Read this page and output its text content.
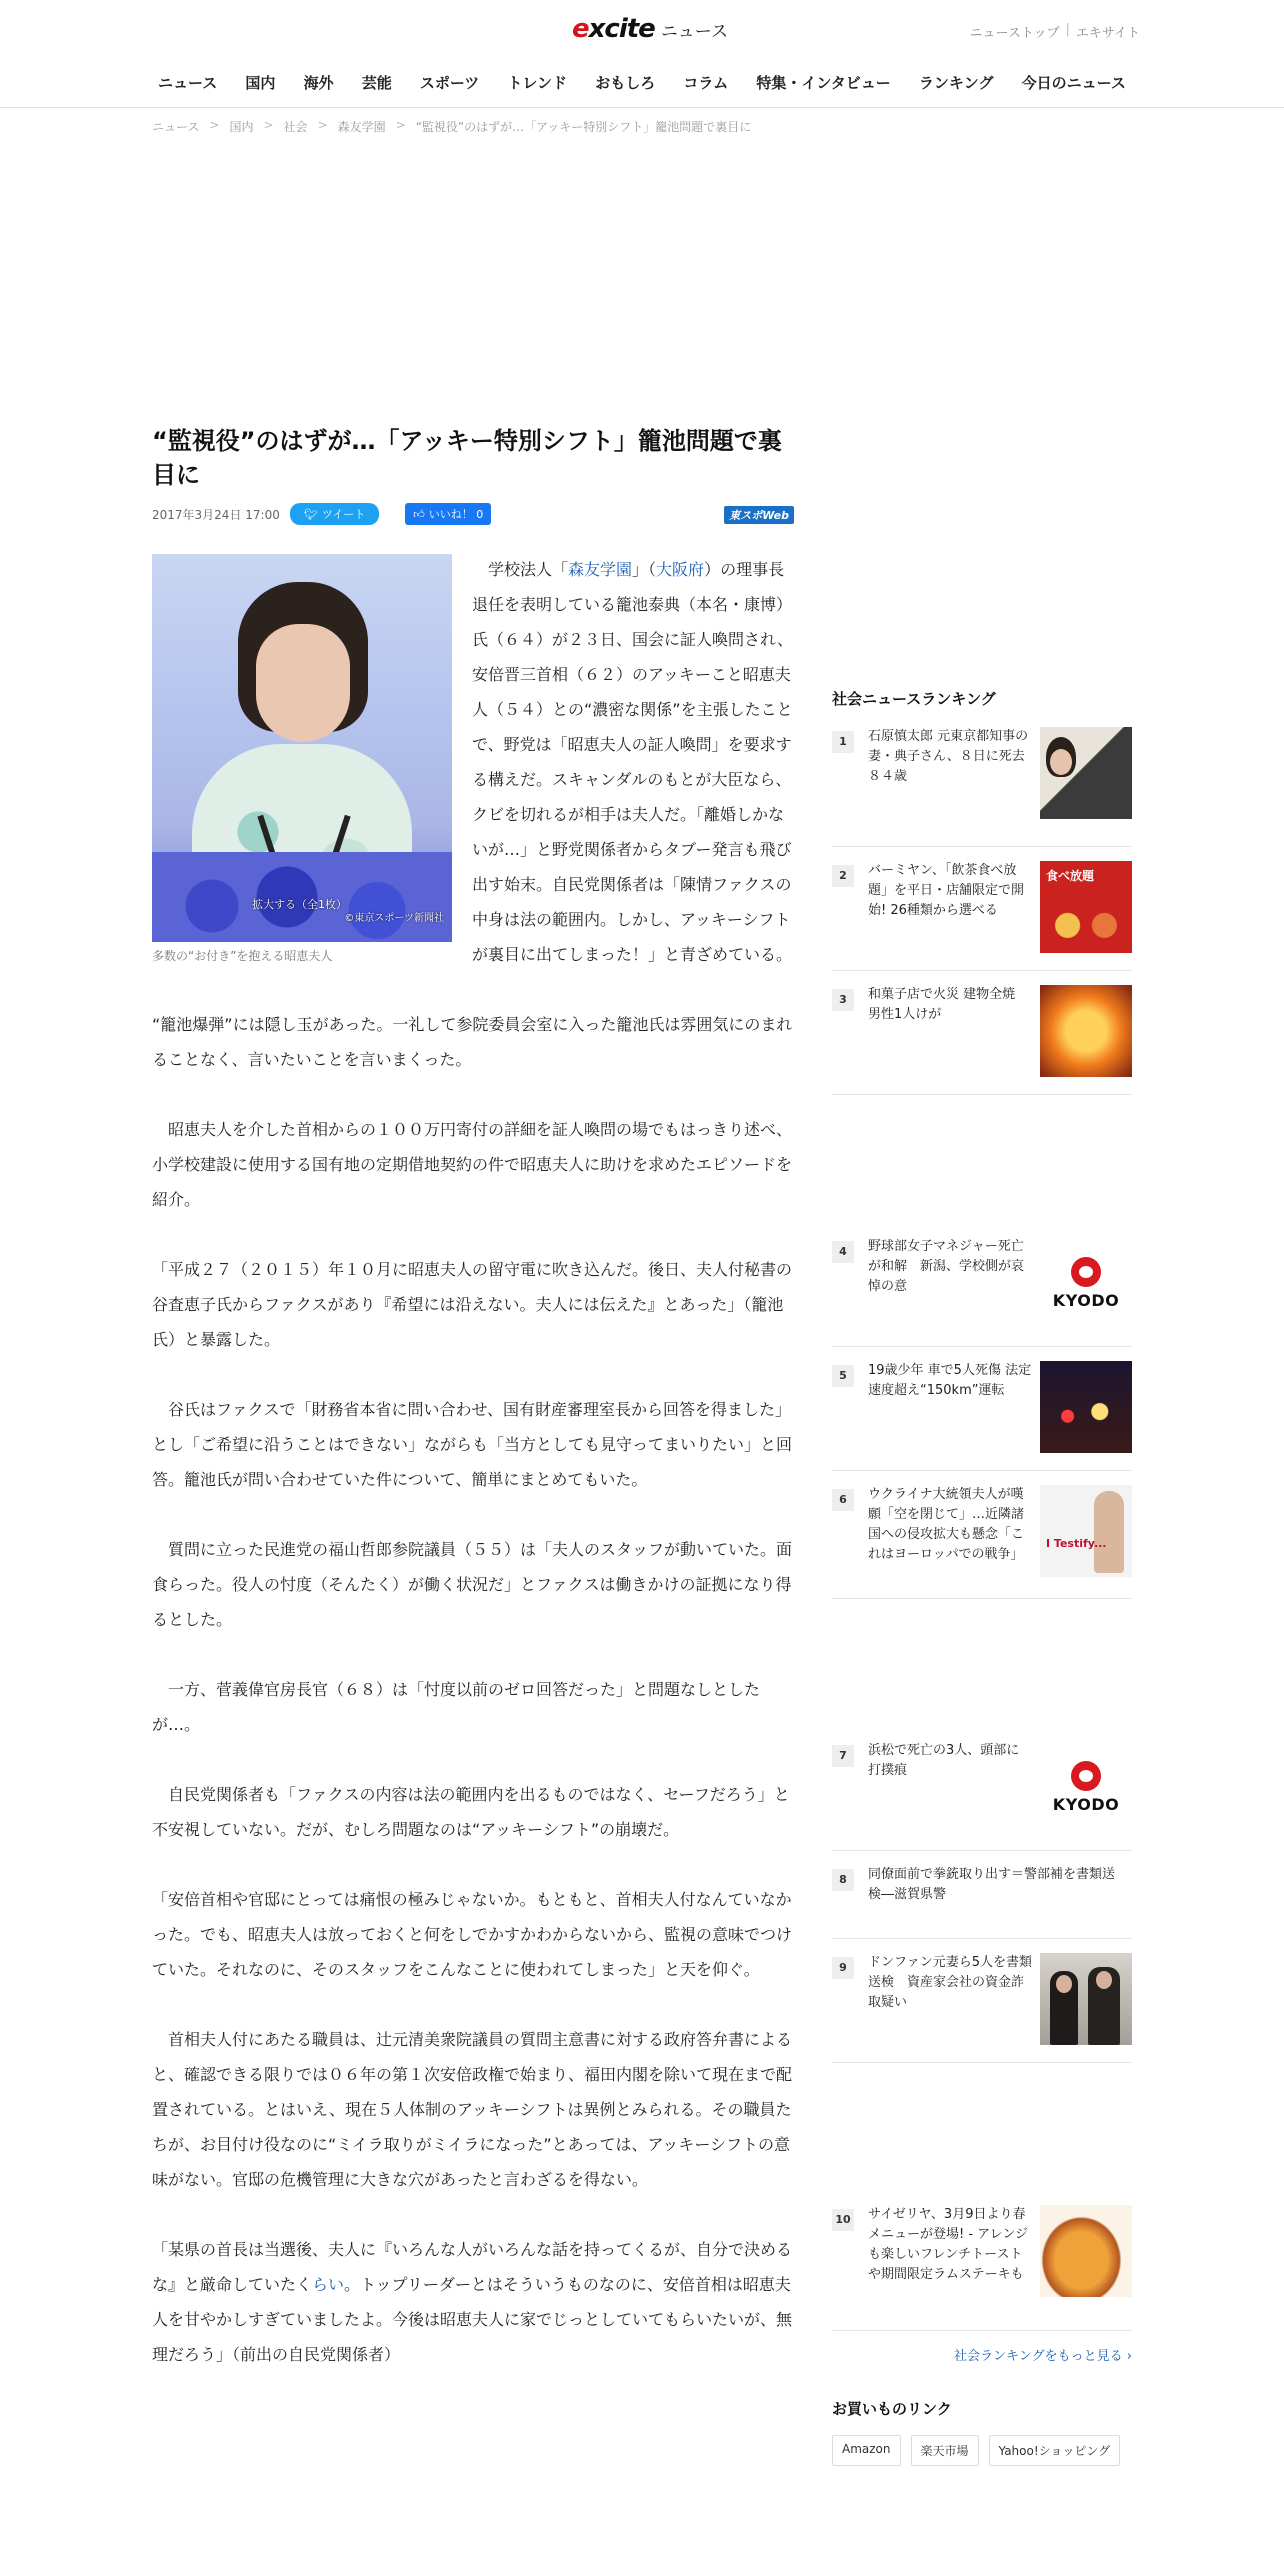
excite ニュース	ニューストップ | エキサイト
ニュース	国内	海外	芸能	スポーツ	トレンド	おもしろ	コラム	特集・インタビュー	ランキング	今日のニュース
ニュース > 国内 > 社会 > 森友学園 > “監視役”のはずが…「アッキー特別シフト」籠池問題で裏目に
“監視役”のはずが…「アッキー特別シフト」籠池問題で裏目に
2017年3月24日 17:00 🐦︎ ツイート	👍︎ いいね！ 0	東スポWeb
拡大する（全1枚）
©東京スポーツ新聞社
多数の“お付き”を抱える昭恵夫人

学校法人「森友学園」（大阪府）の理事長退任を表明している籠池泰典（本名・康博）氏（６４）が２３日、国会に証人喚問され、安倍晋三首相（６２）のアッキーこと昭恵夫人（５４）との“濃密な関係”を主張したことで、野党は「昭恵夫人の証人喚問」を要求する構えだ。スキャンダルのもとが大臣なら、クビを切れるが相手は夫人だ。「離婚しかないが…」と野党関係者からタブー発言も飛び出す始末。自民党関係者は「陳情ファクスの中身は法の範囲内。しかし、アッキーシフトが裏目に出てしまった！」と青ざめている。

“籠池爆弾”には隠し玉があった。一礼して参院委員会室に入った籠池氏は雰囲気にのまれることなく、言いたいことを言いまくった。

昭恵夫人を介した首相からの１００万円寄付の詳細を証人喚問の場でもはっきり述べ、小学校建設に使用する国有地の定期借地契約の件で昭恵夫人に助けを求めたエピソードを紹介。

「平成２７（２０１５）年１０月に昭恵夫人の留守電に吹き込んだ。後日、夫人付秘書の谷査恵子氏からファクスがあり『希望には沿えない。夫人には伝えた』とあった」（籠池氏）と暴露した。

谷氏はファクスで「財務省本省に問い合わせ、国有財産審理室長から回答を得ました」とし「ご希望に沿うことはできない」ながらも「当方としても見守ってまいりたい」と回答。籠池氏が問い合わせていた件について、簡単にまとめてもいた。

質問に立った民進党の福山哲郎参院議員（５５）は「夫人のスタッフが動いていた。面食らった。役人の忖度（そんたく）が働く状況だ」とファクスは働きかけの証拠になり得るとした。

一方、菅義偉官房長官（６８）は「忖度以前のゼロ回答だった」と問題なしとしたが…。

自民党関係者も「ファクスの内容は法の範囲内を出るものではなく、セーフだろう」と不安視していない。だが、むしろ問題なのは“アッキーシフト”の崩壊だ。

「安倍首相や官邸にとっては痛恨の極みじゃないか。もともと、首相夫人付なんていなかった。でも、昭恵夫人は放っておくと何をしでかすかわからないから、監視の意味でつけていた。それなのに、そのスタッフをこんなことに使われてしまった」と天を仰ぐ。

首相夫人付にあたる職員は、辻元清美衆院議員の質問主意書に対する政府答弁書によると、確認できる限りでは０６年の第１次安倍政権で始まり、福田内閣を除いて現在まで配置されている。とはいえ、現在５人体制のアッキーシフトは異例とみられる。その職員たちが、お目付け役なのに“ミイラ取りがミイラになった”とあっては、アッキーシフトの意味がない。官邸の危機管理に大きな穴があったと言わざるを得ない。

「某県の首長は当選後、夫人に『いろんな人がいろんな話を持ってくるが、自分で決めるな』と厳命していたくらい。トップリーダーとはそういうものなのに、安倍首相は昭恵夫人を甘やかしすぎていましたよ。今後は昭恵夫人に家でじっとしていてもらいたいが、無理だろう」（前出の自民党関係者）

社会ニュースランキング
1	石原慎太郎 元東京都知事の妻・典子さん、８日に死去　８４歳
2	バーミヤン、「飲茶食べ放題」を平日・店舗限定で開始! 26種類から選べる
食べ放題
3	和菓子店で火災 建物全焼 男性1人けが
4	野球部女子マネジャー死亡が和解　新潟、学校側が哀悼の意
KYODO
5	19歳少年 車で5人死傷 法定速度超え“150km”運転
6	ウクライナ大統領夫人が嘆願「空を閉じて」…近隣諸国への侵攻拡大も懸念「これはヨーロッパでの戦争」
I Testify...
7	浜松で死亡の3人、頭部に打撲痕
KYODO
8	同僚面前で拳銃取り出す＝警部補を書類送検―滋賀県警
9	ドンファン元妻ら5人を書類送検　資産家会社の資金詐取疑い
10	サイゼリヤ、3月9日より春メニューが登場! - アレンジも楽しいフレンチトーストや期間限定ラムステーキも
社会ランキングをもっと見る ›
お買いものリンク
Amazon	楽天市場	Yahoo!ショッピング
